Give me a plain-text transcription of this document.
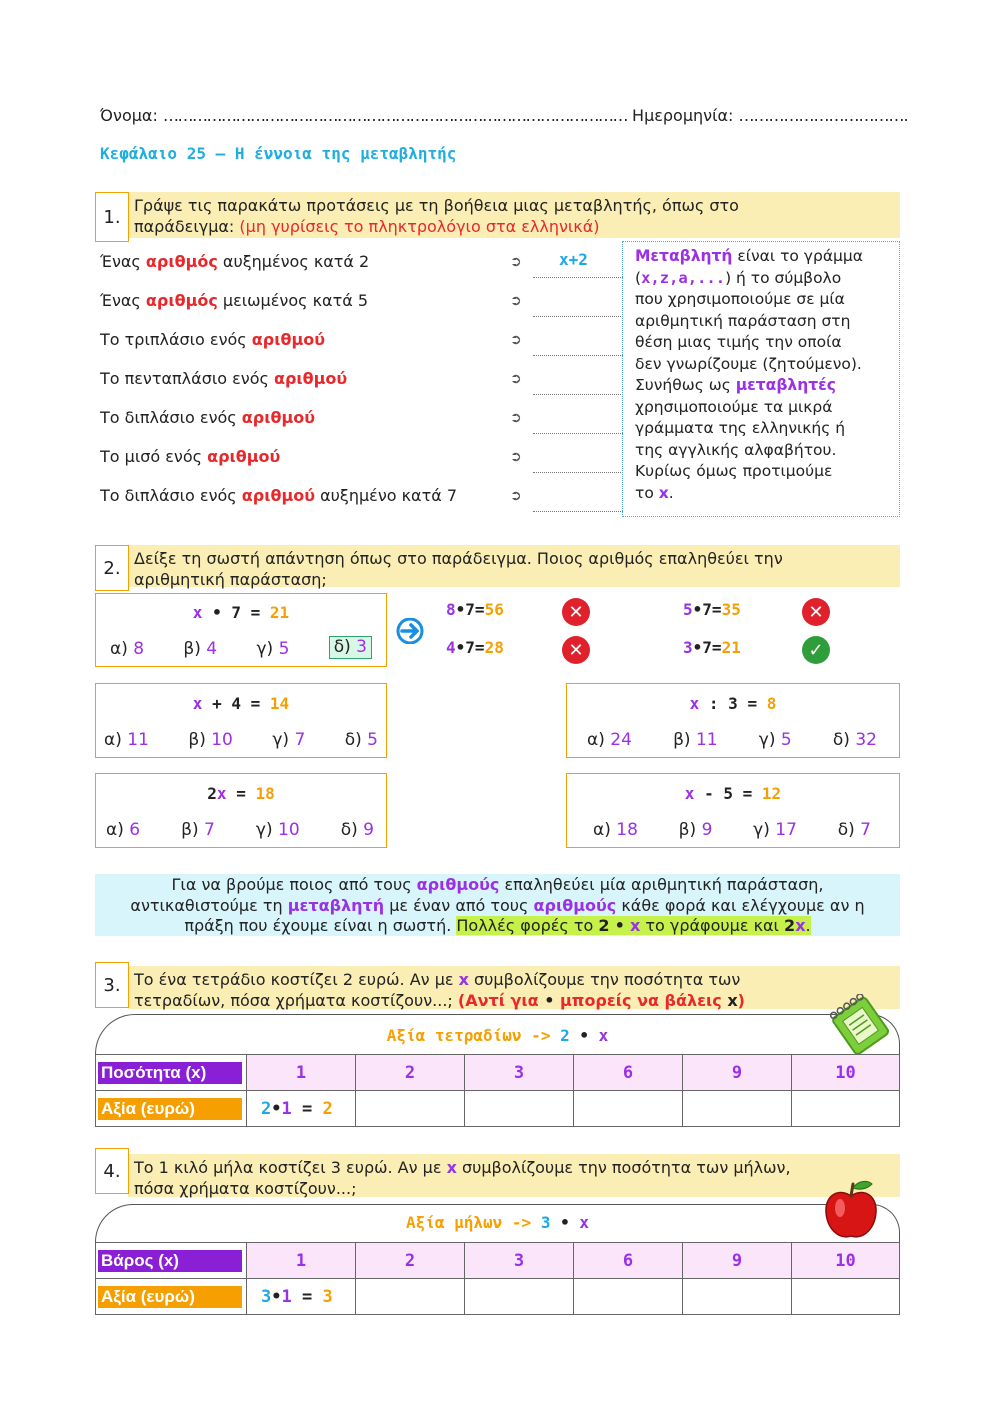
Όνομα: …………………………………………………………………………………… Ημερομηνία: …………………………….
Κεφάλαιο 25 – Η έννοια της μεταβλητής
Γράψε τις παρακάτω προτάσεις με τη βοήθεια μιας μεταβλητής, όπως στο
παράδειγμα: (μη γυρίσεις το πληκτρολόγιο στα ελληνικά)
1.
Ένας αριθμός αυξημένος κατά 2	➲	x+2
Ένας αριθμός μειωμένος κατά 5	➲
Το τριπλάσιο ενός αριθμού	➲
Το πενταπλάσιο ενός αριθμού	➲
Το διπλάσιο ενός αριθμού	➲
Το μισό ενός αριθμού	➲
Το διπλάσιο ενός αριθμού αυξημένο κατά 7	➲
Μεταβλητή είναι το γράμμα
(x,z,a,...) ή το σύμβολο
που χρησιμοποιούμε σε μία
αριθμητική παράσταση στη
θέση μιας τιμής την οποία
δεν γνωρίζουμε (ζητούμενο).
Συνήθως ως μεταβλητές
χρησιμοποιούμε τα μικρά
γράμματα της ελληνικής ή
της αγγλικής αλφαβήτου.
Κυρίως όμως προτιμούμε
το x.
Δείξε τη σωστή απάντηση όπως στο παράδειγμα. Ποιος αριθμός επαληθεύει την
αριθμητική παράσταση;
2.
x • 7 = 21
α) 8 β) 4 γ) 5	δ) 3
8•7=56	✕	5•7=35	✕
4•7=28	✕	3•7=21	✓
x + 4 = 14
α) 11 β) 10 γ) 7 δ) 5
x : 3 = 8
α) 24 β) 11 γ) 5 δ) 32
2x = 18
α) 6 β) 7 γ) 10 δ) 9
x - 5 = 12
α) 18 β) 9 γ) 17 δ) 7
Για να βρούμε ποιος από τους αριθμούς επαληθεύει μία αριθμητική παράσταση,
αντικαθιστούμε τη μεταβλητή με έναν από τους αριθμούς κάθε φορά και ελέγχουμε αν η
πράξη που έχουμε είναι η σωστή. Πολλές φορές το 2 • x το γράφουμε και 2x.
Το ένα τετράδιο κοστίζει 2 ευρώ. Αν με x συμβολίζουμε την ποσότητα των
τετραδίων, πόσα χρήματα κοστίζουν...; (Αντί για • μπορείς να βάλεις x)
3.
Αξία τετραδίων -> 2 • x
Ποσότητα (x)	1	2	3	6	9	10

Αξία (ευρώ)	2•1 = 2					
Το 1 κιλό μήλα κοστίζει 3 ευρώ. Αν με x συμβολίζουμε την ποσότητα των μήλων,
πόσα χρήματα κοστίζουν...;
4.
Αξία μήλων -> 3 • x
Βάρος (x)	1	2	3	6	9	10

Αξία (ευρώ)	3•1 = 3					
